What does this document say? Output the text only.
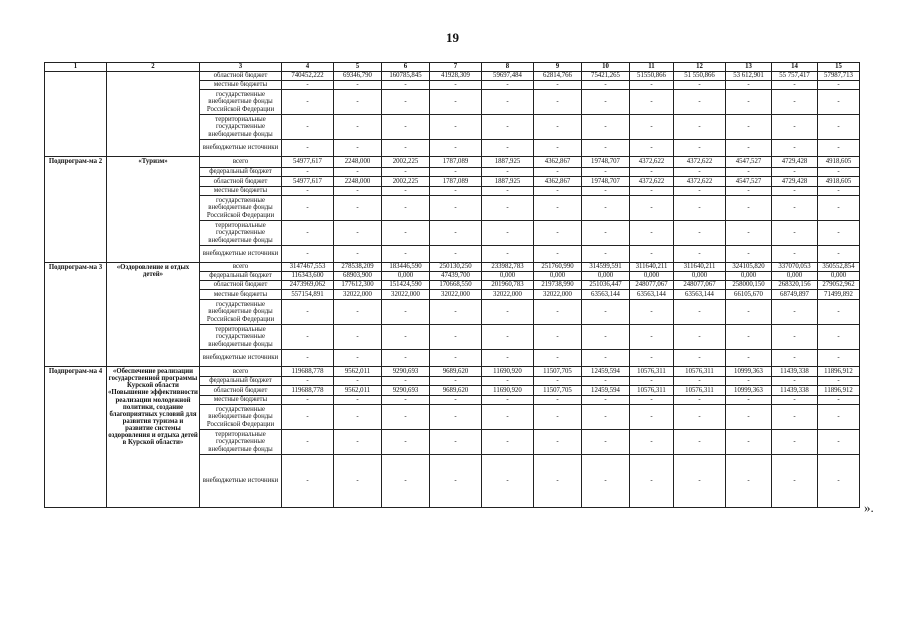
19
1	2	3	4	5	6	7	8	9	10	11	12	13	14	15
		областной бюджет	740452,222	69346,790	160785,845	41928,309	59697,484	62814,766	75421,265	51550,866	51 550,866	53 612,901	55 757,417	57987,713
		местные бюджеты	-	-	-	-	-	-	-	-	-	-	-	-
		государственные внебюджетные фонды Российской Федерации	-	-	-	-	-	-	-	-	-	-	-	-
		территориальные государственные внебюджетные фонды	-	-	-	-	-	-	-	-	-	-	-	-
		внебюджетные источники	-	-	-	-	-	-	-	-	-	-	-	-
Подпрограм-ма 2	«Туризм»	всего	54977,617	2248,000	2002,225	1787,089	1887,925	4362,867	19748,707	4372,622	4372,622	4547,527	4729,428	4918,605
		федеральный бюджет	-	-	-	-	-	-	-	-	-	-	-	-
		областной бюджет	54977,617	2248,000	2002,225	1787,089	1887,925	4362,867	19748,707	4372,622	4372,622	4547,527	4729,428	4918,605
		местные бюджеты	-	-	-	-	-	-	-	-	-	-	-	-
		государственные внебюджетные фонды Российской Федерации	-	-	-	-	-	-	-	-	-	-	-	-
		территориальные государственные внебюджетные фонды	-	-	-	-	-	-	-	-	-	-	-	-
		внебюджетные источники	-	-	-	-	-	-	-	-	-	-	-	-
Подпрограм-ма 3	«Оздоровление и отдых детей»	всего	3147467,553	278538,209	183446,590	250130,250	233982,783	251760,990	314599,591	311640,211	311640,211	324105,820	337070,053	350552,854
		федеральный бюджет	116343,600	68903,900	0,000	47439,700	0,000	0,000	0,000	0,000	0,000	0,000	0,000	0,000
		областной бюджет	2473969,062	177612,300	151424,590	170668,550	201960,783	219738,990	251036,447	248077,067	248077,067	258000,150	268320,156	279052,962
		местные бюджеты	557154,891	32022,000	32022,000	32022,000	32022,000	32022,000	63563,144	63563,144	63563,144	66105,670	68749,897	71499,892
		государственные внебюджетные фонды Российской Федерации	-	-	-	-	-	-	-	-	-	-	-	-
		территориальные государственные внебюджетные фонды	-	-	-	-	-	-	-	-	-	-	-	-
		внебюджетные источники	-	-	-	-	-	-	-	-	-	-	-	-
Подпрограм-ма 4	«Обеспечение реализации государственной программы Курской области «Повышение эффективности реализации молодежной политики, создание благоприятных условий для развития туризма и развитие системы оздоровления и отдыха детей в Курской области»	всего	119688,778	9562,011	9290,693	9689,620	11690,920	11507,705	12459,594	10576,311	10576,311	10999,363	11439,338	11896,912
		федеральный бюджет	-	-	-	-	-	-	-	-	-	-	-	-
		областной бюджет	119688,778	9562,011	9290,693	9689,620	11690,920	11507,705	12459,594	10576,311	10576,311	10999,363	11439,338	11896,912
		местные бюджеты	-	-	-	-	-	-	-	-	-	-	-	-
		государственные внебюджетные фонды Российской Федерации	-	-	-	-	-	-	-	-	-	-	-	-
		территориальные государственные внебюджетные фонды	-	-	-	-	-	-	-	-	-	-	-	-
		внебюджетные источники	-	-	-	-	-	-	-	-	-	-	-	-
».
